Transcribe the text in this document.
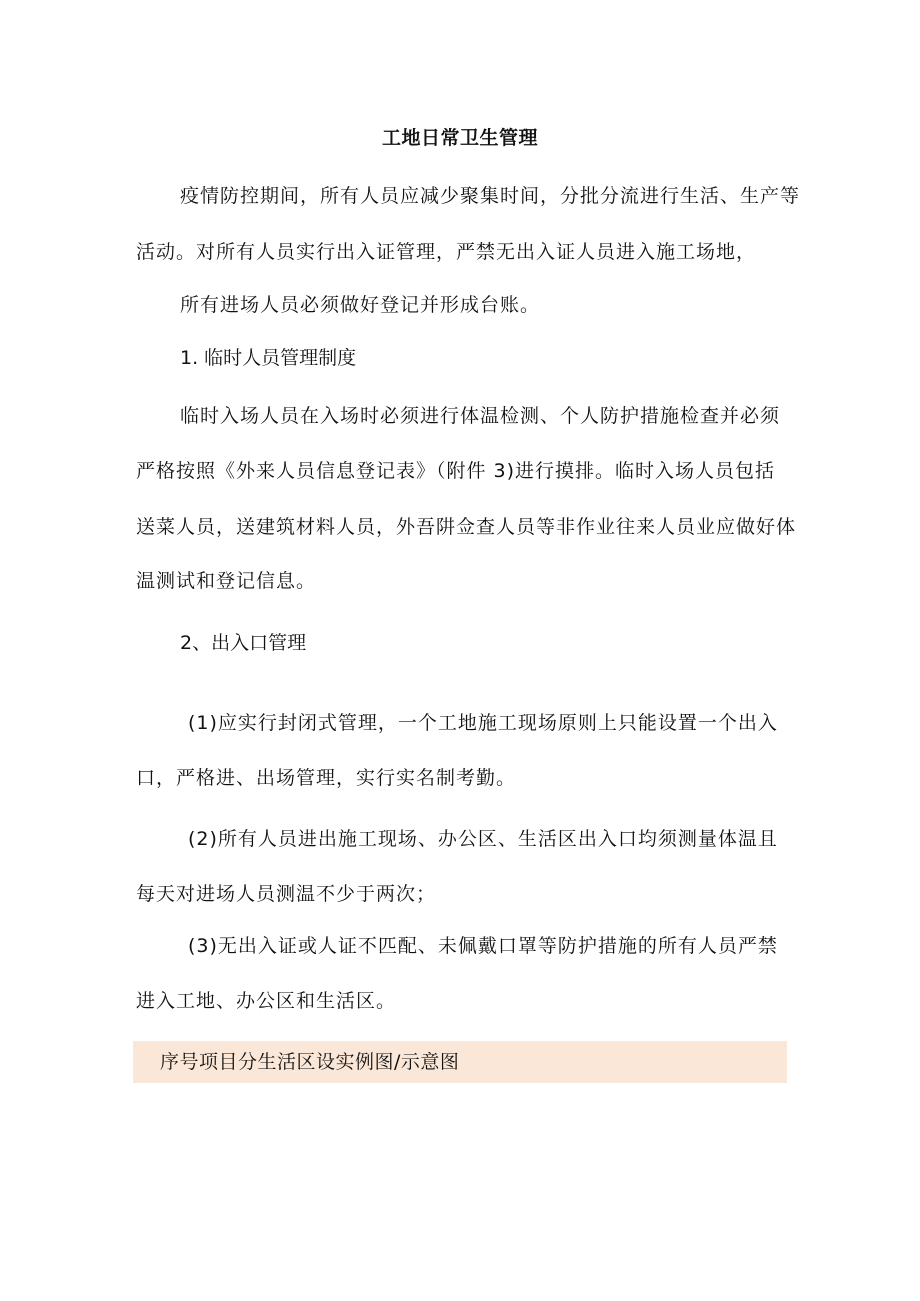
工地日常卫生管理
疫情防控期间，所有人员应减少聚集时间，分批分流进行生活、生产等
活动。对所有人员实行出入证管理，严禁无出入证人员进入施工场地，
所有进场人员必须做好登记并形成台账。
1. 临时人员管理制度
临时入场人员在入场时必须进行体温检测、个人防护措施检查并必须
严格按照《外来人员信息登记表》（附件 3)进行摸排。临时入场人员包括
送菜人员，送建筑材料人员，外吾阱佥查人员等非作业往来人员业应做好体
温测试和登记信息。
2、出入口管理
(1)应实行封闭式管理，一个工地施工现场原则上只能设置一个出入
口，严格进、出场管理，实行实名制考勤。
(2)所有人员进出施工现场、办公区、生活区出入口均须测量体温且
每天对进场人员测温不少于两次；
(3)无出入证或人证不匹配、未佩戴口罩等防护措施的所有人员严禁
进入工地、办公区和生活区。
序号项目分生活区设实例图/示意图
